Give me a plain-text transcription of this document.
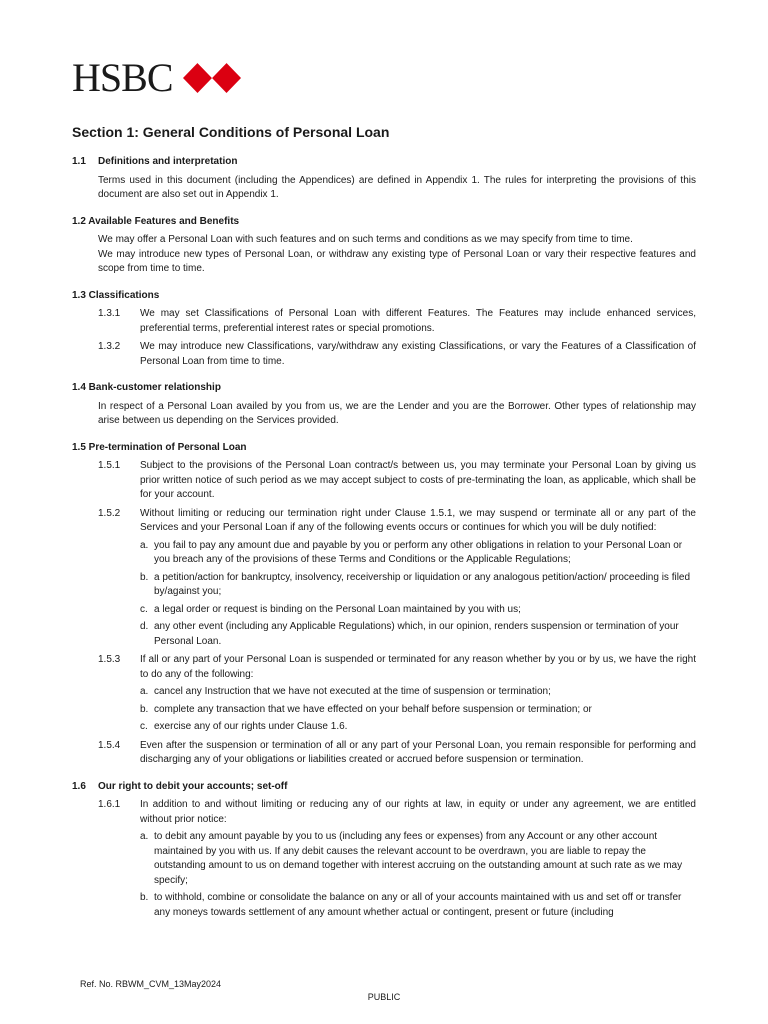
HSBC
Section 1: General Conditions of Personal Loan
1.1	Definitions and interpretation
Terms used in this document (including the Appendices) are defined in Appendix 1. The rules for interpreting the provisions of this document are also set out in Appendix 1.
1.2 Available Features and Benefits
We may offer a Personal Loan with such features and on such terms and conditions as we may specify from time to time.
We may introduce new types of Personal Loan, or withdraw any existing type of Personal Loan or vary their respective features and scope from time to time.
1.3 Classifications
1.3.1	We may set Classifications of Personal Loan with different Features. The Features may include enhanced services, preferential terms, preferential interest rates or special promotions.
1.3.2	We may introduce new Classifications, vary/withdraw any existing Classifications, or vary the Features of a Classification of Personal Loan from time to time.
1.4 Bank-customer relationship
In respect of a Personal Loan availed by you from us, we are the Lender and you are the Borrower. Other types of relationship may arise between us depending on the Services provided.
1.5 Pre-termination of Personal Loan
1.5.1	Subject to the provisions of the Personal Loan contract/s between us, you may terminate your Personal Loan by giving us prior written notice of such period as we may accept subject to costs of pre-terminating the loan, as applicable, which shall be for your account.
1.5.2	Without limiting or reducing our termination right under Clause 1.5.1, we may suspend or terminate all or any part of the Services and your Personal Loan if any of the following events occurs or continues for which you will be duly notified:
a. you fail to pay any amount due and payable by you or perform any other obligations in relation to your Personal Loan or you breach any of the provisions of these Terms and Conditions or the Applicable Regulations;
b. a petition/action for bankruptcy, insolvency, receivership or liquidation or any analogous petition/action/ proceeding is filed by/against you;
c. a legal order or request is binding on the Personal Loan maintained by you with us;
d. any other event (including any Applicable Regulations) which, in our opinion, renders suspension or termination of your Personal Loan.
1.5.3	If all or any part of your Personal Loan is suspended or terminated for any reason whether by you or by us, we have the right to do any of the following:
a. cancel any Instruction that we have not executed at the time of suspension or termination;
b. complete any transaction that we have effected on your behalf before suspension or termination; or
c. exercise any of our rights under Clause 1.6.
1.5.4	Even after the suspension or termination of all or any part of your Personal Loan, you remain responsible for performing and discharging any of your obligations or liabilities created or accrued before suspension or termination.
1.6	Our right to debit your accounts; set-off
1.6.1	In addition to and without limiting or reducing any of our rights at law, in equity or under any agreement, we are entitled without prior notice:
a. to debit any amount payable by you to us (including any fees or expenses) from any Account or any other account maintained by you with us. If any debit causes the relevant account to be overdrawn, you are liable to repay the outstanding amount to us on demand together with interest accruing on the outstanding amount at such rate as we may specify;
b. to withhold, combine or consolidate the balance on any or all of your accounts maintained with us and set off or transfer any moneys towards settlement of any amount whether actual or contingent, present or future (including
Ref. No. RBWM_CVM_13May2024
PUBLIC
